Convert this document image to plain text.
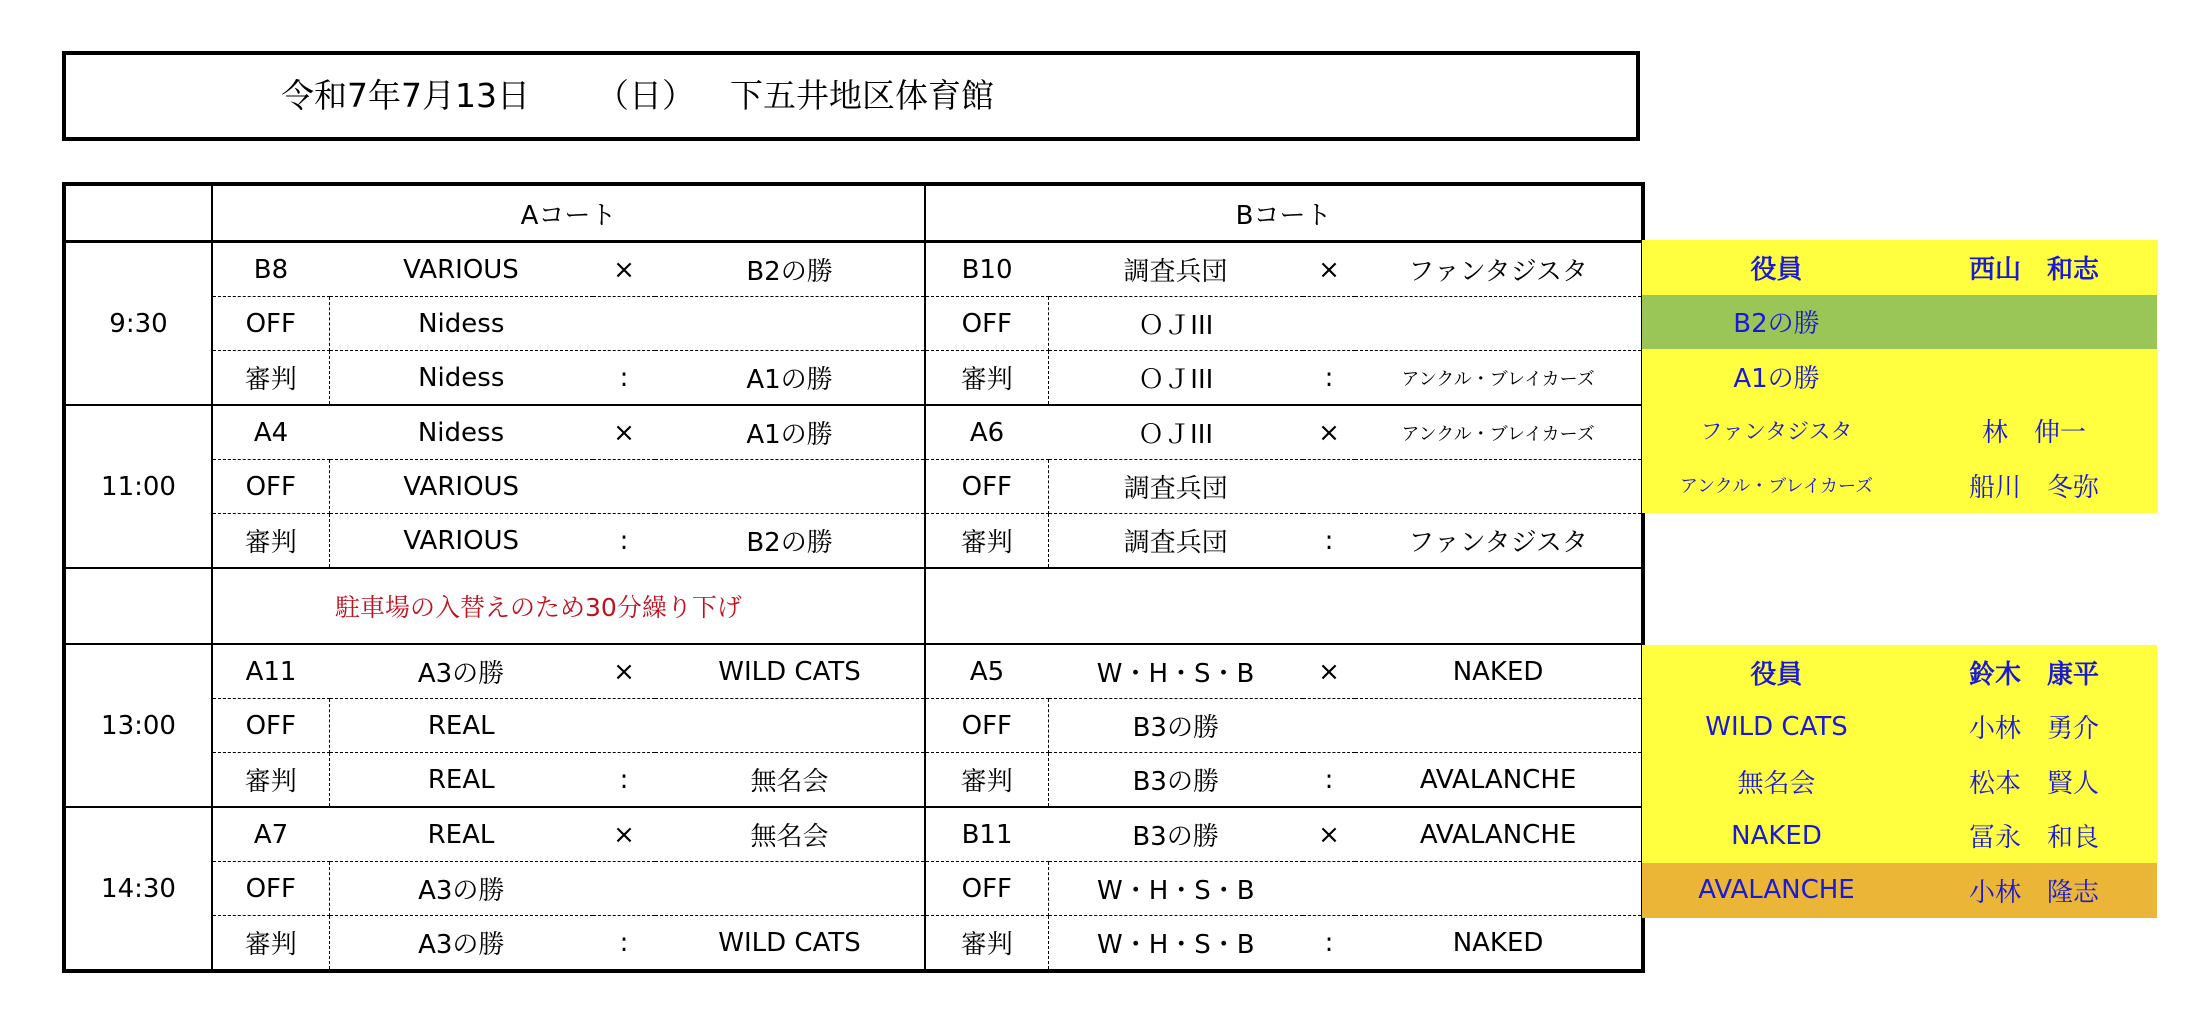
令和7年7月13日 （日） 下五井地区体育館
	Aコート				Bコート			
9:30	B8	VARIOUS	×	B2の勝	B10	調査兵団	×	ファンタジスタ
	OFF	Nidess			OFF	ＯＪIII		
	審判	Nidess	:	A1の勝	審判	ＯＪIII	:	アンクル・ブレイカーズ
11:00	A4	Nidess	×	A1の勝	A6	ＯＪIII	×	アンクル・ブレイカーズ
	OFF	VARIOUS			OFF	調査兵団		
	審判	VARIOUS	:	B2の勝	審判	調査兵団	:	ファンタジスタ
	駐車場の入替えのため30分繰り下げ							
13:00	A11	A3の勝	×	WILD CATS	A5	W・H・S・B	×	NAKED
	OFF	REAL			OFF	B3の勝		
	審判	REAL	:	無名会	審判	B3の勝	:	AVALANCHE
14:30	A7	REAL	×	無名会	B11	B3の勝	×	AVALANCHE
	OFF	A3の勝			OFF	W・H・S・B		
	審判	A3の勝	:	WILD CATS	審判	W・H・S・B	:	NAKED
役員	西山　和志
B2の勝
A1の勝
ファンタジスタ	林　伸一
アンクル・ブレイカーズ	船川　冬弥
役員	鈴木　康平
WILD CATS	小林　勇介
無名会	松本　賢人
NAKED	冨永　和良
AVALANCHE	小林　隆志
